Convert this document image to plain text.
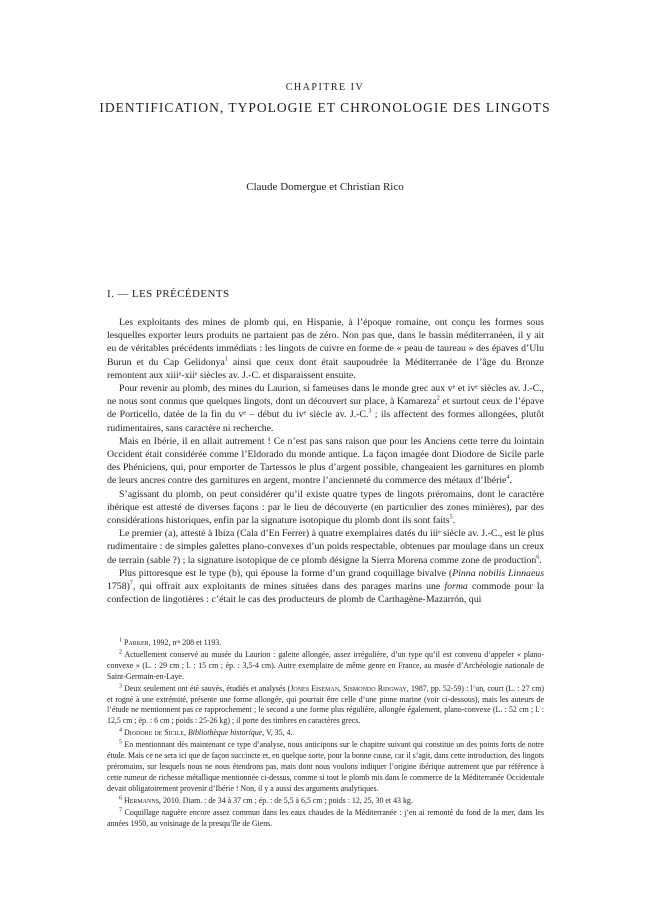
CHAPITRE IV
IDENTIFICATION, TYPOLOGIE ET CHRONOLOGIE DES LINGOTS
Claude Domergue et Christian Rico
I. — LES PRÉCÉDENTS

Les exploitants des mines de plomb qui, en Hispanie, à l’époque romaine, ont conçu les formes sous lesquelles exporter leurs produits ne partaient pas de zéro. Non pas que, dans le bassin méditerranéen, il y ait eu de véritables précédents immédiats : les lingots de cuivre en forme de « peau de taureau » des épaves d’Ulu Burun et du Cap Gelidonya$^1$ ainsi que ceux dont était saupoudrée la Méditerranée de l’âge du Bronze remontent aux xiiiᵉ-xiiᵉ siècles av. J.-C. et disparaissent ensuite.

Pour revenir au plomb, des mines du Laurion, si fameuses dans le monde grec aux vᵉ et ivᵉ siècles av. J.-C., ne nous sont connus que quelques lingots, dont un découvert sur place, à Kamareza$^2$ et surtout ceux de l’épave de Porticello, datée de la fin du vᵉ – début du ivᵉ siècle av. J.-C.$^3$ ; ils affectent des formes allongées, plutôt rudimentaires, sans caractère ni recherche.

Mais en Ibérie, il en allait autrement ! Ce n’est pas sans raison que pour les Anciens cette terre du lointain Occident était considérée comme l’Eldorado du monde antique. La façon imagée dont Diodore de Sicile parle des Phéniciens, qui, pour emporter de Tartessos le plus d’argent possible, changeaient les garnitures en plomb de leurs ancres contre des garnitures en argent, montre l’ancienneté du commerce des métaux d’Ibérie$^4$.

S’agissant du plomb, on peut considérer qu’il existe quatre types de lingots préromains, dont le caractère ibérique est attesté de diverses façons : par le lieu de découverte (en particulier des zones minières), par des considérations historiques, enfin par la signature isotopique du plomb dont ils sont faits$^5$.

Le premier (a), attesté à Ibiza (Cala d’En Ferrer) à quatre exemplaires datés du iiiᵉ siècle av. J.-C., est le plus rudimentaire : de simples galettes plano-convexes d’un poids respectable, obtenues par moulage dans un creux de terrain (sable ?) ; la signature isotopique de ce plomb désigne la Sierra Morena comme zone de production$^6$.

Plus pittoresque est le type (b), qui épouse la forme d’un grand coquillage bivalve (Pinna nobilis Linnaeus 1758)$^7$, qui offrait aux exploitants de mines situées dans des parages marins une forma commode pour la confection de lingotières : c’était le cas des producteurs de plomb de Carthagène-Mazarrón, qui

$^1$ Parker, 1992, nᵒˢ 208 et 1193.

$^2$ Actuellement conservé au musée du Laurion : galette allongée, assez irrégulière, d’un type qu’il est convenu d’appeler « plano-convexe » (L. : 29 cm ; l. : 15 cm ; ép. : 3,5-4 cm). Autre exemplaire de même genre en France, au musée d’Archéologie nationale de Saint-Germain-en-Laye.

$^3$ Deux seulement ont été sauvés, étudiés et analysés (Jones Eiseman, Sismondo Ridgway, 1987, pp. 52-59) : l’un, court (L. : 27 cm) et rogné à une extrémité, présente une forme allongée, qui pourrait être celle d’une pinne marine (voir ci-dessous), mais les auteurs de l’étude ne mentionnent pas ce rapprochement ; le second a une forme plus régulière, allongée également, plano-convexe (L. : 52 cm ; l. : 12,5 cm ; ép. : 6 cm ; poids : 25-26 kg) ; il porte des timbres en caractères grecs.

$^4$ Diodore de Sicile, Bibliothèque historique, V, 35, 4.

$^5$ En mentionnant dès maintenant ce type d’analyse, nous anticipons sur le chapitre suivant qui constitue un des points forts de notre étude. Mais ce ne sera ici que de façon succincte et, en quelque sorte, pour la bonne cause, car il s’agit, dans cette introduction, des lingots préromains, sur lesquels nous ne nous étendrons pas, mais dont nous voulons indiquer l’origine ibérique autrement que par référence à cette rumeur de richesse métallique mentionnée ci-dessus, comme si tout le plomb mis dans le commerce de la Méditerranée Occidentale devait obligatoirement provenir d’Ibérie ! Non, il y a aussi des arguments analytiques.

$^6$ Hermanns, 2010. Diam. : de 34 à 37 cm ; ép. : de 5,5 à 6,5 cm ; poids : 12, 25, 30 et 43 kg.

$^7$ Coquillage naguère encore assez commun dans les eaux chaudes de la Méditerranée : j’en ai remonté du fond de la mer, dans les années 1950, au voisinage de la presqu’île de Giens.
